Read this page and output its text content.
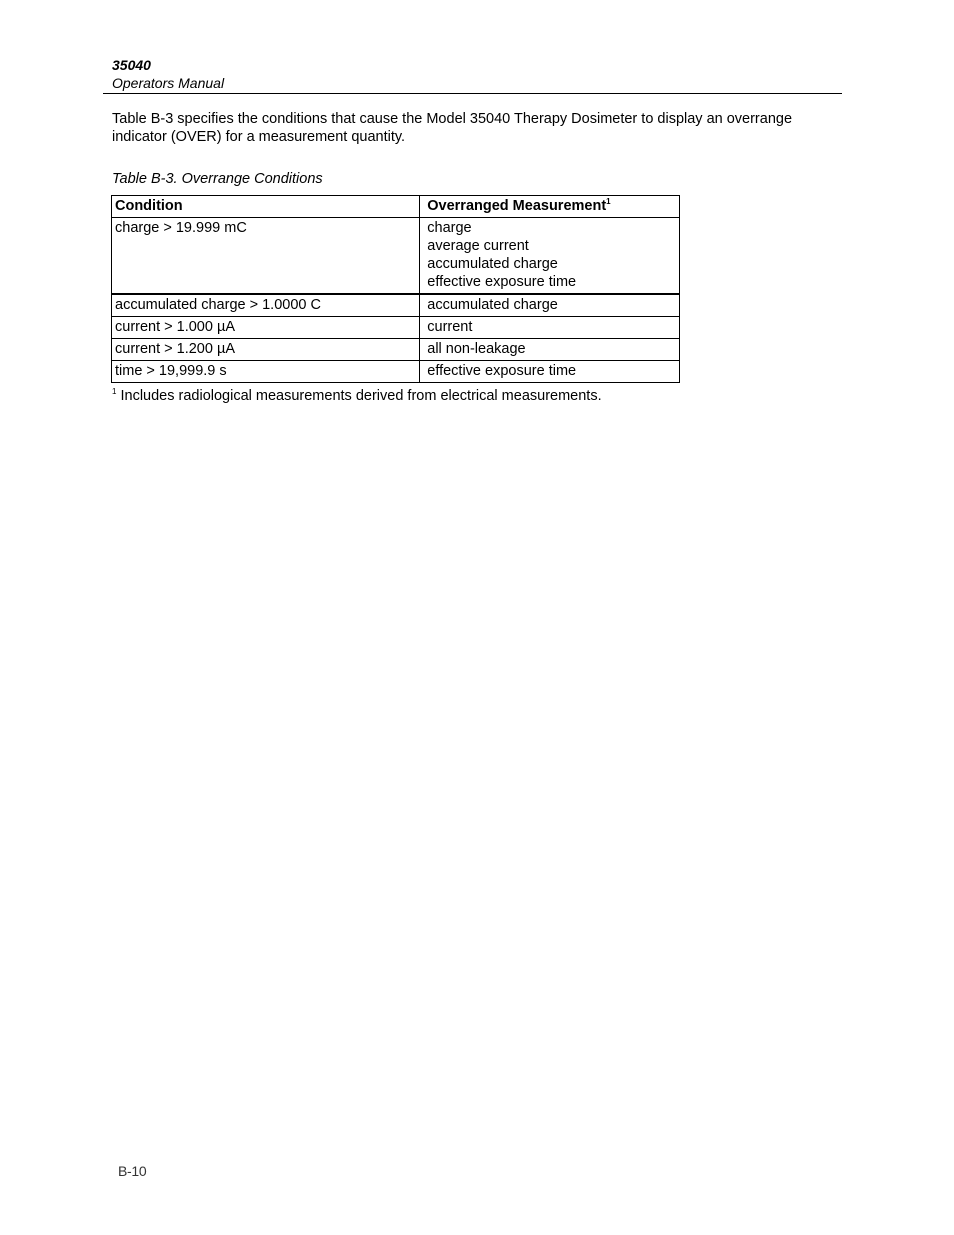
35040
Operators Manual

Table B-3 specifies the conditions that cause the Model 35040 Therapy Dosimeter to display an overrange indicator (OVER) for a measurement quantity.

Table B-3. Overrange Conditions
Condition	Overranged Measurement$^1$
charge > 19.999 mC	charge
average current
accumulated charge
effective exposure time

accumulated charge > 1.0000 C	accumulated charge

current > 1.000 µA	current

current > 1.200 µA	all non-leakage

time > 19,999.9 s	effective exposure time
$^1$ Includes radiological measurements derived from electrical measurements.
B-10
